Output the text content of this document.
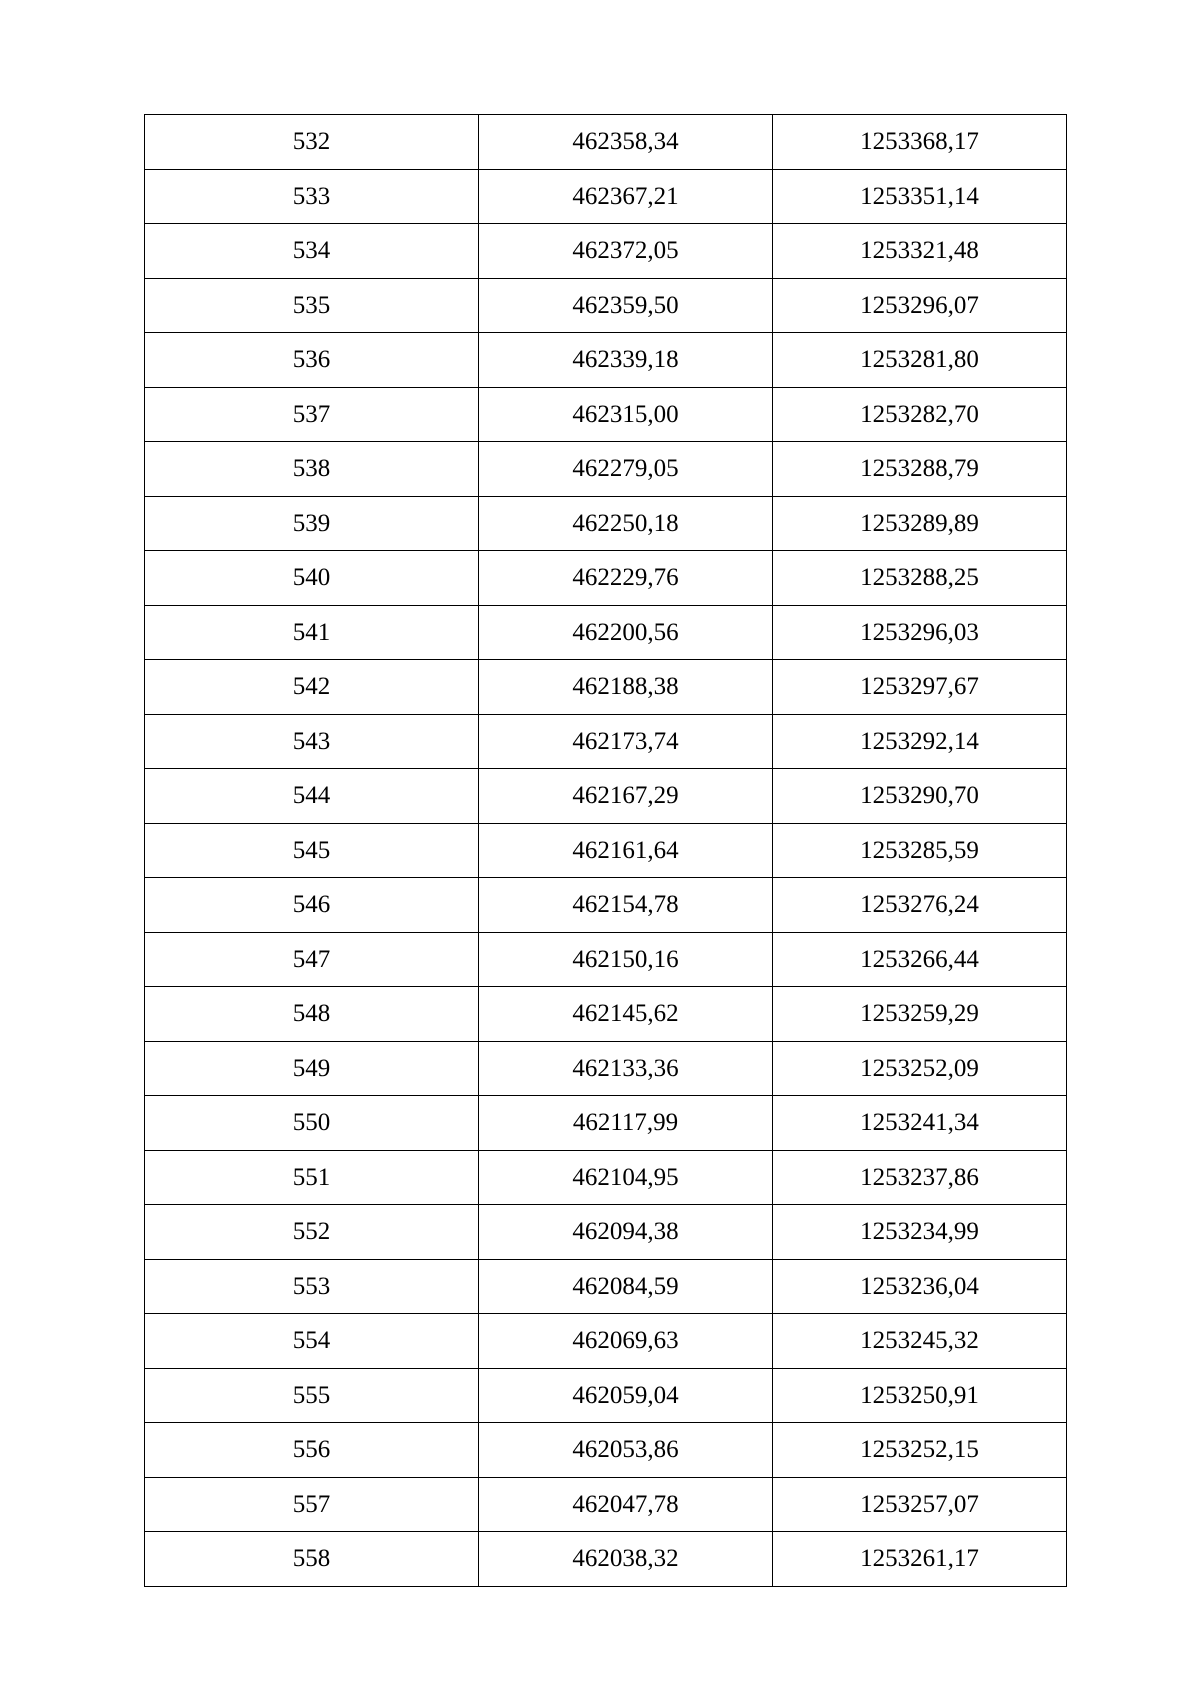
532	462358,34	1253368,17
533	462367,21	1253351,14
534	462372,05	1253321,48
535	462359,50	1253296,07
536	462339,18	1253281,80
537	462315,00	1253282,70
538	462279,05	1253288,79
539	462250,18	1253289,89
540	462229,76	1253288,25
541	462200,56	1253296,03
542	462188,38	1253297,67
543	462173,74	1253292,14
544	462167,29	1253290,70
545	462161,64	1253285,59
546	462154,78	1253276,24
547	462150,16	1253266,44
548	462145,62	1253259,29
549	462133,36	1253252,09
550	462117,99	1253241,34
551	462104,95	1253237,86
552	462094,38	1253234,99
553	462084,59	1253236,04
554	462069,63	1253245,32
555	462059,04	1253250,91
556	462053,86	1253252,15
557	462047,78	1253257,07
558	462038,32	1253261,17
